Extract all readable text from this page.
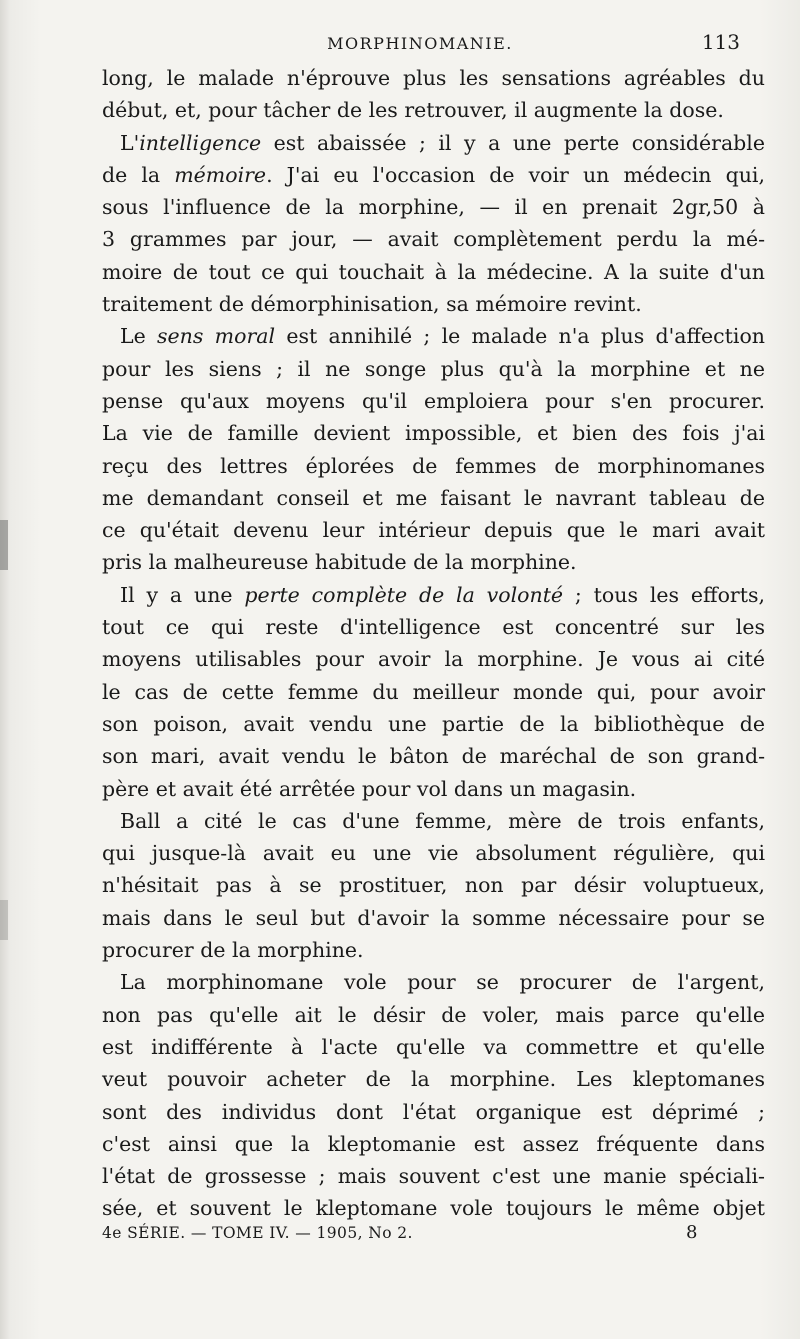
MORPHINOMANIE.	113
long, le malade n'éprouve plus les sensations agréables du
début, et, pour tâcher de les retrouver, il augmente la dose.
L'intelligence est abaissée ; il y a une perte considérable
de la mémoire. J'ai eu l'occasion de voir un médecin qui,
sous l'influence de la morphine, — il en prenait 2gr,50 à
3 grammes par jour, — avait complètement perdu la mé-
moire de tout ce qui touchait à la médecine. A la suite d'un
traitement de démorphinisation, sa mémoire revint.
Le sens moral est annihilé ; le malade n'a plus d'affection
pour les siens ; il ne songe plus qu'à la morphine et ne
pense qu'aux moyens qu'il emploiera pour s'en procurer.
La vie de famille devient impossible, et bien des fois j'ai
reçu des lettres éplorées de femmes de morphinomanes
me demandant conseil et me faisant le navrant tableau de
ce qu'était devenu leur intérieur depuis que le mari avait
pris la malheureuse habitude de la morphine.
Il y a une perte complète de la volonté ; tous les efforts,
tout ce qui reste d'intelligence est concentré sur les
moyens utilisables pour avoir la morphine. Je vous ai cité
le cas de cette femme du meilleur monde qui, pour avoir
son poison, avait vendu une partie de la bibliothèque de
son mari, avait vendu le bâton de maréchal de son grand-
père et avait été arrêtée pour vol dans un magasin.
Ball a cité le cas d'une femme, mère de trois enfants,
qui jusque-là avait eu une vie absolument régulière, qui
n'hésitait pas à se prostituer, non par désir voluptueux,
mais dans le seul but d'avoir la somme nécessaire pour se
procurer de la morphine.
La morphinomane vole pour se procurer de l'argent,
non pas qu'elle ait le désir de voler, mais parce qu'elle
est indifférente à l'acte qu'elle va commettre et qu'elle
veut pouvoir acheter de la morphine. Les kleptomanes
sont des individus dont l'état organique est déprimé ;
c'est ainsi que la kleptomanie est assez fréquente dans
l'état de grossesse ; mais souvent c'est une manie spéciali-
sée, et souvent le kleptomane vole toujours le même objet
4e SÉRIE. — TOME IV. — 1905, No 2.	8
